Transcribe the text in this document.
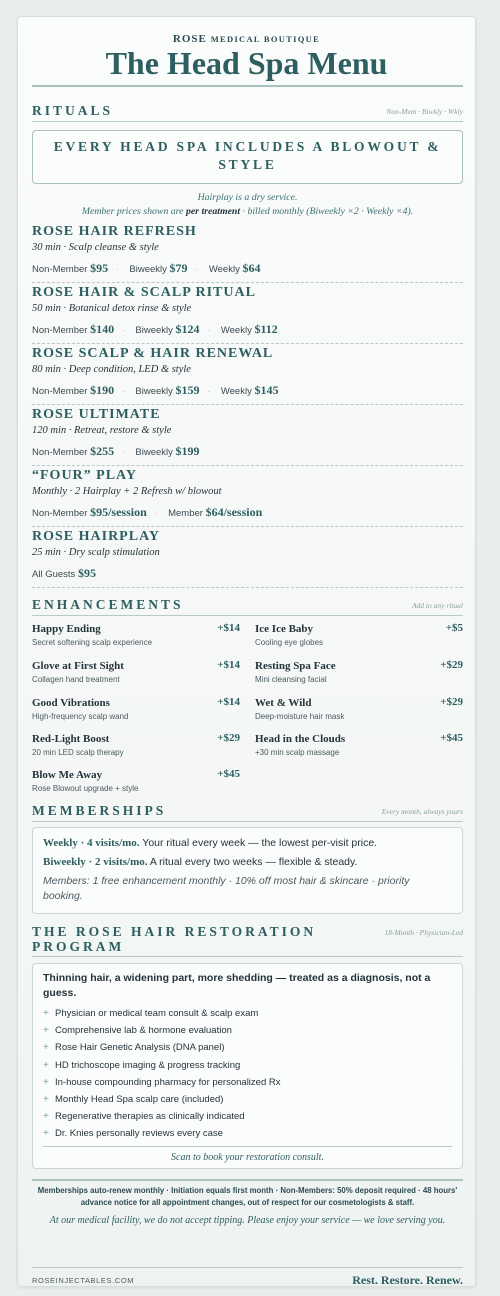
ROSE MEDICAL BOUTIQUE
The Head Spa Menu
RITUALS	Non-Mem · Biwkly · Wkly
EVERY HEAD SPA INCLUDES A BLOWOUT & STYLE
Hairplay is a dry service.
Member prices shown are per treatment · billed monthly (Biweekly ×2 · Weekly ×4).
ROSE HAIR REFRESH
30 min · Scalp cleanse & style
Non-Member $95 · Biweekly $79 · Weekly $64
ROSE HAIR & SCALP RITUAL
50 min · Botanical detox rinse & style
Non-Member $140 · Biweekly $124 · Weekly $112
ROSE SCALP & HAIR RENEWAL
80 min · Deep condition, LED & style
Non-Member $190 · Biweekly $159 · Weekly $145
ROSE ULTIMATE
120 min · Retreat, restore & style
Non-Member $255 · Biweekly $199
“FOUR” PLAY
Monthly · 2 Hairplay + 2 Refresh w/ blowout
Non-Member $95/session · Member $64/session
ROSE HAIRPLAY
25 min · Dry scalp stimulation
All Guests $95
ENHANCEMENTS	Add to any ritual
Happy Ending	+$14
Secret softening scalp experience
Glove at First Sight	+$14
Collagen hand treatment
Good Vibrations	+$14
High-frequency scalp wand
Red-Light Boost	+$29
20 min LED scalp therapy
Blow Me Away	+$45
Rose Blowout upgrade + style
Ice Ice Baby	+$5
Cooling eye globes
Resting Spa Face	+$29
Mini cleansing facial
Wet & Wild	+$29
Deep-moisture hair mask
Head in the Clouds	+$45
+30 min scalp massage
MEMBERSHIPS	Every month, always yours
Weekly · 4 visits/mo. Your ritual every week — the lowest per-visit price.
Biweekly · 2 visits/mo. A ritual every two weeks — flexible & steady.
Members: 1 free enhancement monthly · 10% off most hair & skincare · priority booking.
THE ROSE HAIR RESTORATION
PROGRAM
18-Month · Physician-Led
Thinning hair, a widening part, more shedding — treated as a diagnosis, not a guess.
+ Physician or medical team consult & scalp exam
+ Comprehensive lab & hormone evaluation
+ Rose Hair Genetic Analysis (DNA panel)
+ HD trichoscope imaging & progress tracking
+ In-house compounding pharmacy for personalized Rx
+ Monthly Head Spa scalp care (included)
+ Regenerative therapies as clinically indicated
+ Dr. Knies personally reviews every case
Scan to book your restoration consult.
Memberships auto-renew monthly · Initiation equals first month · Non-Members: 50% deposit required · 48 hours' advance notice for all appointment changes, out of respect for our cosmetologists & staff.
At our medical facility, we do not accept tipping. Please enjoy your service — we love serving you.
ROSEINJECTABLES.COM	Rest. Restore. Renew.
